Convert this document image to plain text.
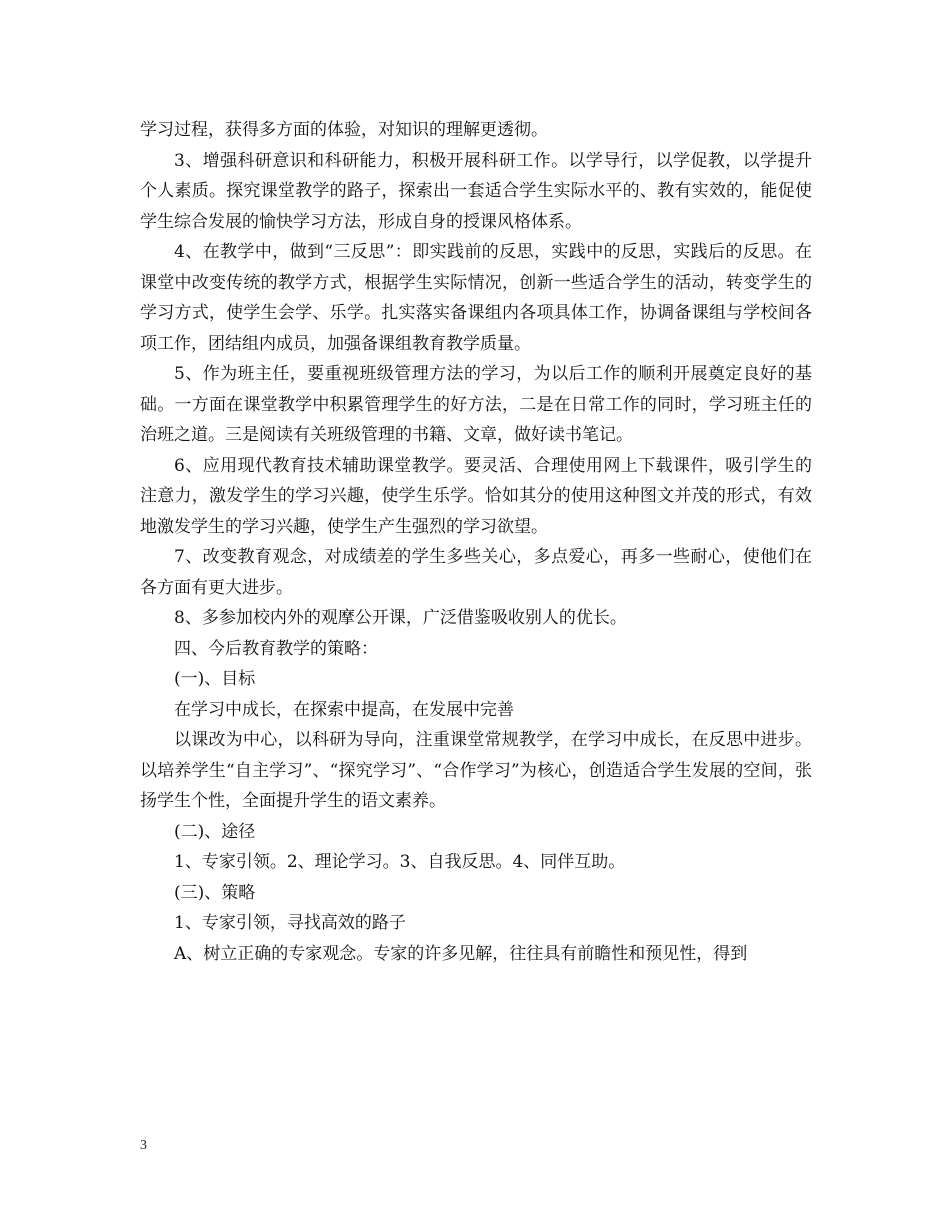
学习过程，获得多方面的体验，对知识的理解更透彻。

3、增强科研意识和科研能力，积极开展科研工作。以学导行，以学促教，以学提升个人素质。探究课堂教学的路子，探索出一套适合学生实际水平的、教有实效的，能促使学生综合发展的愉快学习方法，形成自身的授课风格体系。

4、在教学中，做到“三反思”：即实践前的反思，实践中的反思，实践后的反思。在课堂中改变传统的教学方式，根据学生实际情况，创新一些适合学生的活动，转变学生的学习方式，使学生会学、乐学。扎实落实备课组内各项具体工作，协调备课组与学校间各项工作，团结组内成员，加强备课组教育教学质量。

5、作为班主任，要重视班级管理方法的学习，为以后工作的顺利开展奠定良好的基础。一方面在课堂教学中积累管理学生的好方法，二是在日常工作的同时，学习班主任的治班之道。三是阅读有关班级管理的书籍、文章，做好读书笔记。

6、应用现代教育技术辅助课堂教学。要灵活、合理使用网上下载课件，吸引学生的注意力，激发学生的学习兴趣，使学生乐学。恰如其分的使用这种图文并茂的形式，有效地激发学生的学习兴趣，使学生产生强烈的学习欲望。

7、改变教育观念，对成绩差的学生多些关心，多点爱心，再多一些耐心，使他们在各方面有更大进步。

8、多参加校内外的观摩公开课，广泛借鉴吸收别人的优长。

四、今后教育教学的策略：

(一)、目标

在学习中成长，在探索中提高，在发展中完善

以课改为中心，以科研为导向，注重课堂常规教学，在学习中成长，在反思中进步。以培养学生“自主学习”、“探究学习”、“合作学习”为核心，创造适合学生发展的空间，张扬学生个性，全面提升学生的语文素养。

(二)、途径

1、专家引领。2、理论学习。3、自我反思。4、同伴互助。

(三)、策略

1、专家引领，寻找高效的路子

A、树立正确的专家观念。专家的许多见解，往往具有前瞻性和预见性，得到

3
